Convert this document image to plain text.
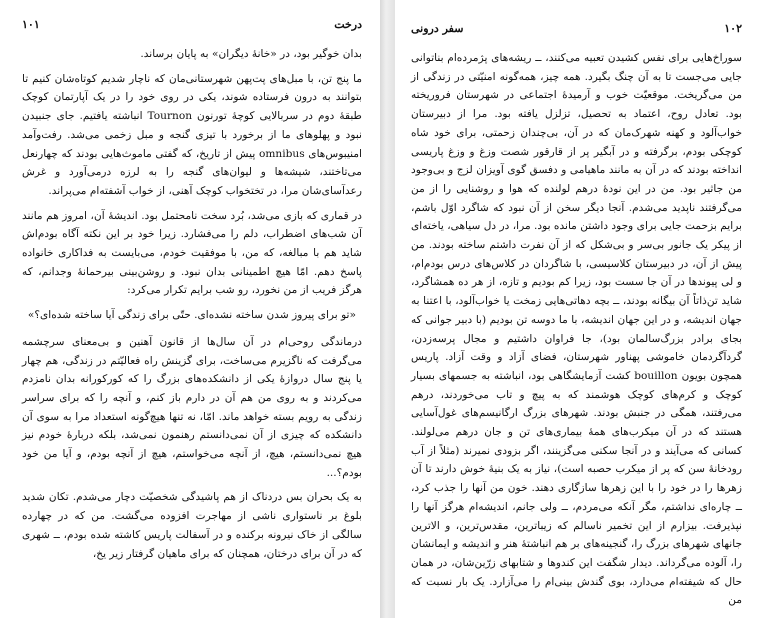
درخت
۱۰۱

بدان خوگیر بود، در «خانهٔ دیگران» به پایان برساند.

ما پنج تن، با مبل‌های پت‌پهن شهرستانی‌مان که ناچار شدیم کوتاه‌شان کنیم تا بتوانند به درون فرستاده شوند، یکی در روی خود را در یک آپارتمان کوچک طبقهٔ دوم در سربالایی کوچهٔ تورنون Tournon انباشته یافتیم. جای جنبیدن نبود و پهلوهای ما از برخورد با تیزی گنجه و مبل زخمی می‌شد. رفت‌وآمد امنیبوس‌های omnibus پیش از تاریخ، که گفتی ماموث‌هایی بودند که چهارنعل می‌تاختند، شیشه‌ها و لیوان‌های گنجه را به لرزه درمی‌آورد و غرش رعدآسای‌شان مرا، در تختخواب کوچک آهنی، از خواب آشفته‌ام می‌پراند.

در قماری که بازی می‌شد، بُرد سخت نامحتمل بود. اندیشهٔ آن، امروز هم مانند آن شب‌های اضطراب، دلم را می‌فشارد. زیرا خود بر این نکته آگاه بودم‌اش شاید هم با مبالغه، که من، با موفقیت خودم، می‌بایست به فداکاری خانواده پاسخ دهم. امّا هیچ اطمینانی بدان نبود. و روشن‌بینی بیرحمانهٔ وجدانم، که هرگز فریب از من نخورد، رو شب برایم تکرار می‌کرد:

«تو برای پیروز شدن ساخته نشده‌ای. حتّی برای زندگی آیا ساخته شده‌ای؟»

درماندگی روحی‌ام در آن سال‌ها از قانون آهنین و بی‌معنای سرچشمه می‌گرفت که ناگزیرم می‌ساخت، برای گزینش راه فعالیّتم در زندگی، هم چهار یا پنج سال دروازهٔ یکی از دانشکده‌های بزرگ را که کورکورانه بدان نامزدم می‌کردند و به روی من هم آن در دارم باز کنم، و آنچه را که برای سراسر زندگی به رویم بسته خواهد ماند. امّا، نه تنها هیچ‌گونه استعداد مرا به سوی آن دانشکده که چیزی از آن نمی‌دانستم رهنمون نمی‌شد، بلکه دربارهٔ خودم نیز هیچ نمی‌دانستم، هیچ، از آنچه می‌خواستم، هیچ از آنچه بودم، و آیا من خود بودم؟...

به یک بحران بس دردناک از هم پاشیدگی شخصیّت دچار می‌شدم. تکان شدید بلوغ بر ناستواری ناشی از مهاجرت افزوده می‌گشت. من که در چهارده سالگی از خاک نیرونه برکنده و در آسفالت پاریس کاشته شده بودم، ــ شهری که در آن برای درختان، همچنان که برای ماهیان گرفتار زیر یخ،

۱۰۲
سفر درونی

سوراخ‌هایی برای نفس کشیدن تعبیه می‌کنند، ــ ریشه‌های پژمرده‌ام بناتوانی جایی می‌جست تا به آن چنگ بگیرد. همه چیز، همه‌گونه امنیّتی در زندگی از من می‌گریخت. موقعیّت خوب و آرمیدهٔ اجتماعی در شهرستان فروریخته بود. تعادل روح، اعتماد به تحصیل، تزلزل یافته بود. مرا از دبیرستان خواب‌آلود و کهنه شهرک‌مان که در آن، بی‌چندان زحمتی، برای خود شاه کوچکی بودم، برگرفته و در آبگیر پر از قارقور شصت وزغ و وزغ پاریسی انداخته بودند که در آن به مانند ماهیامی و دفسق گوی آویزان لزج و بی‌وجود من جاثیر بود. من در این نوده‌ٔ درهم لولنده که هوا و روشنایی را از من می‌گرفتند ناپدید می‌شدم. آنجا دیگر سخن از آن نبود که شاگرد اوّل باشم، برایم بزحمت جایی برای وجود داشتن مانده بود. مرا، در دل سیاهی، یاخته‌ای از پیکر یک جانور بی‌سر و بی‌شکل که از آن نفرت داشتم ساخته بودند. من پیش از آن، در دبیرستان کلاسیسی، با شاگردان در کلاس‌های درس بودم‌ام، و لی پیوندها در آن جا سست بود، زیرا کم بودیم و تازه، از هر ده همشاگرد، شاید تن‌ذاتاً آن بیگانه بودند، ــ بچه دهاتی‌هایی زمخت یا خواب‌آلود، با اعتنا به جهان اندیشه، و در این جهان اندیشه، با ما دوسه تن بودیم (با دبیر جوانی که بجای برادر بزرگ‌سالمان بود)، جا فراوان داشتیم و مجال پرسه‌زدن، گردآگردمان خاموشی پهناور شهرستان، فضای آزاد و وقت آزاد. پاریس همچون بویون bouillon کشت آزمایشگاهی بود، انباشته به جسمهای بسیار کوچک و کرم‌های کوچک هوشمند که به پیچ و تاب می‌خوردند، درهم می‌رفتند، همگی در جنبش بودند. شهرهای بزرگ ارگانیسم‌های غول‌آسایی هستند که در آن میکرب‌های همهٔ بیماری‌های تن و جان درهم می‌لولند. کسانی که می‌آیند و در آنجا سکنی می‌گزینند، اگر بزودی نمیرند (مثلاً از آب رودخانه‌ٔ سن که پر از میکرب حصبه است)، نیاز به یک بنیهٔ خوش دارند تا آن زهرها را در خود را با این زهرها سازگاری دهند. خون من آنها را جذب کرد، ــ چاره‌ای نداشتم، مگر آنکه می‌مردم، ــ ولی جانم، اندیشه‌ام هرگز آنها را نپذیرفت. بیزارم از این تخمیر ناسالم که زیباترین، مقدس‌ترین، و الاترین جانهای شهرهای بزرگ را، گنجینه‌های بر هم انباشتهٔ هنر و اندیشه و ایمانشان را، آلوده می‌گرداند. دیدار شگفت این کندوها و شتابهای زرّین‌شان، در همان حال که شیفته‌ام می‌دارد، بوی گندش بینی‌ام را می‌آزارد. یک بار نسبت که من
